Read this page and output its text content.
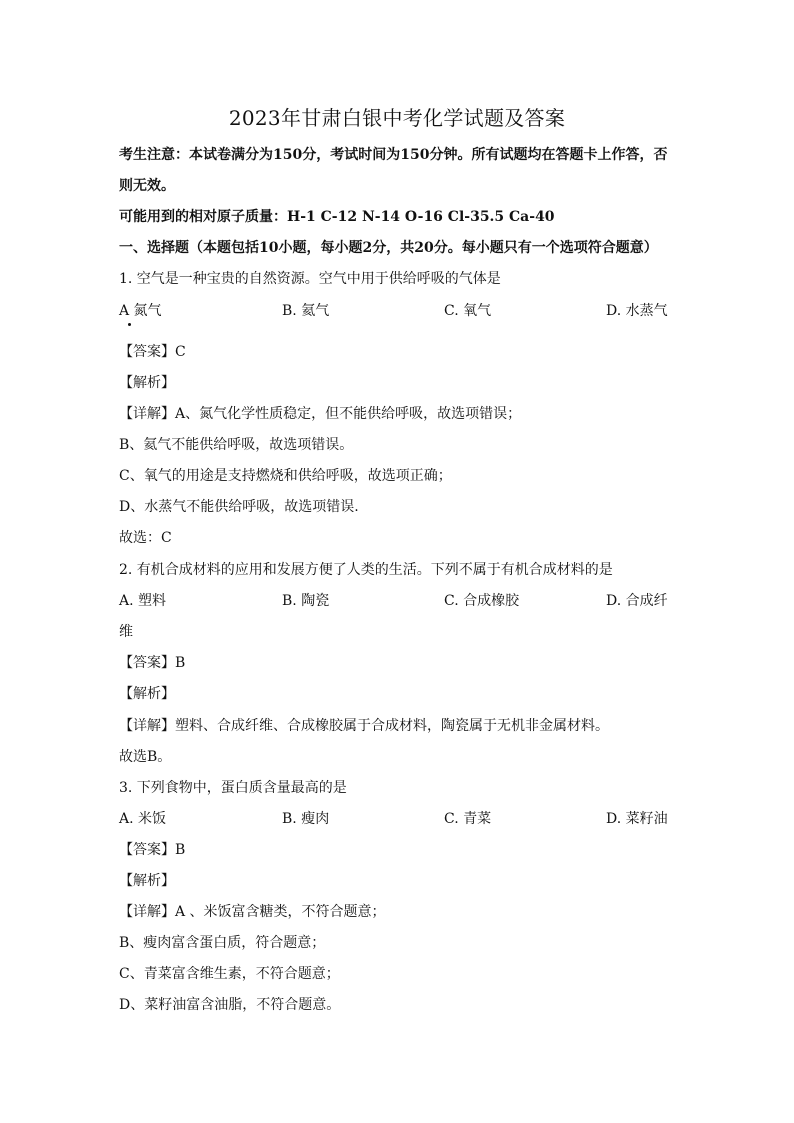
2023年甘肃白银中考化学试题及答案
考生注意：本试卷满分为150分，考试时间为150分钟。所有试题均在答题卡上作答，否
则无效。
可能用到的相对原子质量：H-1 C-12 N-14 O-16 Cl-35.5 Ca-40
一、选择题（本题包括10小题，每小题2分，共20分。每小题只有一个选项符合题意）
1. 空气是一种宝贵的自然资源。空气中用于供给呼吸的气体是
A 氮气	B. 氦气	C. 氧气	D. 水蒸气
【答案】C
【解析】
【详解】A、氮气化学性质稳定，但不能供给呼吸，故选项错误；
B、氦气不能供给呼吸，故选项错误。
C、氧气的用途是支持燃烧和供给呼吸，故选项正确；
D、水蒸气不能供给呼吸，故选项错误.
故选：C
2. 有机合成材料的应用和发展方便了人类的生活。下列不属于有机合成材料的是
A. 塑料	B. 陶瓷	C. 合成橡胶	D. 合成纤
维
【答案】B
【解析】
【详解】塑料、合成纤维、合成橡胶属于合成材料，陶瓷属于无机非金属材料。
故选B。
3. 下列食物中，蛋白质含量最高的是
A. 米饭	B. 瘦肉	C. 青菜	D. 菜籽油
【答案】B
【解析】
【详解】A 、米饭富含糖类，不符合题意；
B、瘦肉富含蛋白质，符合题意；
C、青菜富含维生素，不符合题意；
D、菜籽油富含油脂，不符合题意。
